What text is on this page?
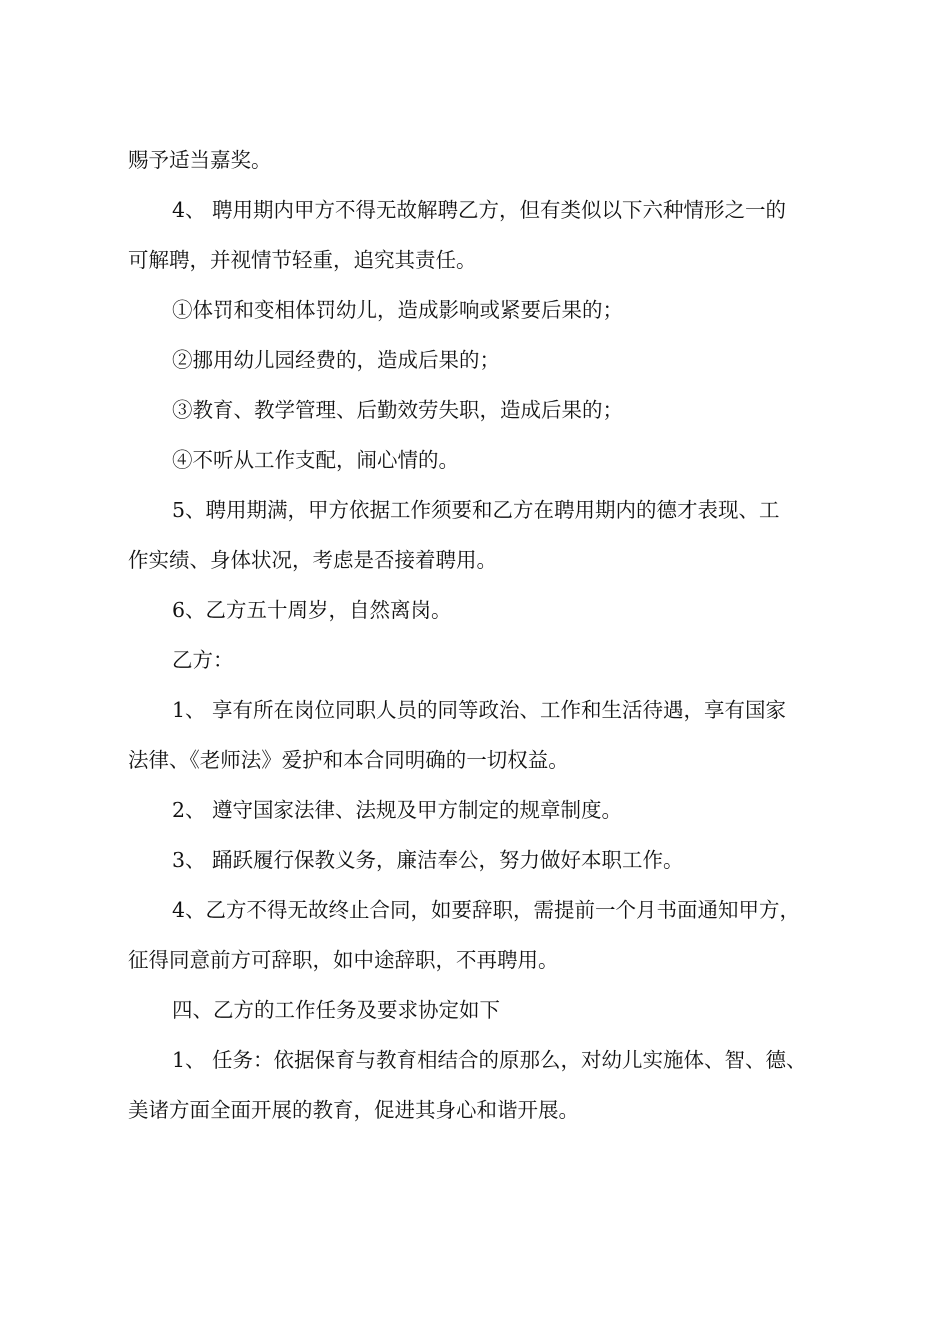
赐予适当嘉奖。

4、 聘用期内甲方不得无故解聘乙方，但有类似以下六种情形之一的

可解聘，并视情节轻重，追究其责任。

①体罚和变相体罚幼儿，造成影响或紧要后果的；

②挪用幼儿园经费的，造成后果的；

③教育、教学管理、后勤效劳失职，造成后果的；

④不听从工作支配，闹心情的。

5、聘用期满，甲方依据工作须要和乙方在聘用期内的德才表现、工

作实绩、身体状况，考虑是否接着聘用。

6、乙方五十周岁，自然离岗。

乙方：

1、 享有所在岗位同职人员的同等政治、工作和生活待遇，享有国家

法律、《老师法》爱护和本合同明确的一切权益。

2、 遵守国家法律、法规及甲方制定的规章制度。

3、 踊跃履行保教义务，廉洁奉公，努力做好本职工作。

4、乙方不得无故终止合同，如要辞职，需提前一个月书面通知甲方，

征得同意前方可辞职，如中途辞职，不再聘用。

四、乙方的工作任务及要求协定如下

1、 任务：依据保育与教育相结合的原那么，对幼儿实施体、智、德、

美诸方面全面开展的教育，促进其身心和谐开展。
